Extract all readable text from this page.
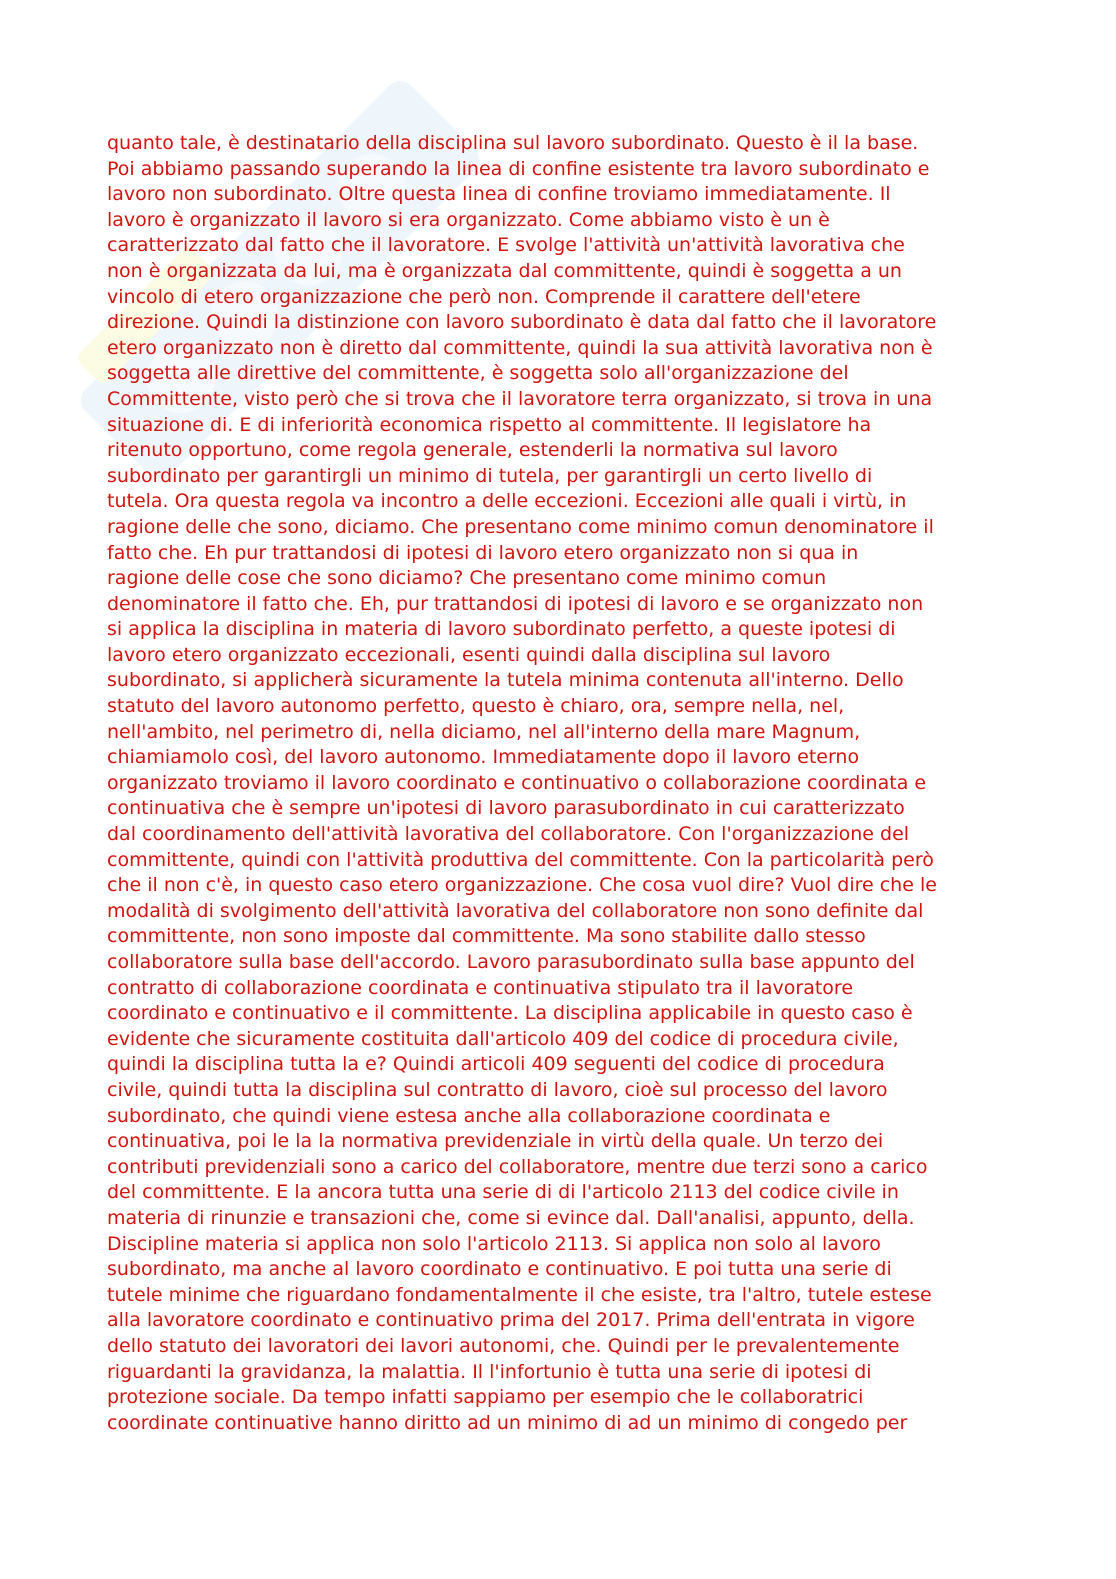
quanto tale, è destinatario della disciplina sul lavoro subordinato. Questo è il la base.
Poi abbiamo passando superando la linea di confine esistente tra lavoro subordinato e
lavoro non subordinato. Oltre questa linea di confine troviamo immediatamente. Il
lavoro è organizzato il lavoro si era organizzato. Come abbiamo visto è un è
caratterizzato dal fatto che il lavoratore. E svolge l'attività un'attività lavorativa che
non è organizzata da lui, ma è organizzata dal committente, quindi è soggetta a un
vincolo di etero organizzazione che però non. Comprende il carattere dell'etere
direzione. Quindi la distinzione con lavoro subordinato è data dal fatto che il lavoratore
etero organizzato non è diretto dal committente, quindi la sua attività lavorativa non è
soggetta alle direttive del committente, è soggetta solo all'organizzazione del
Committente, visto però che si trova che il lavoratore terra organizzato, si trova in una
situazione di. E di inferiorità economica rispetto al committente. Il legislatore ha
ritenuto opportuno, come regola generale, estenderli la normativa sul lavoro
subordinato per garantirgli un minimo di tutela, per garantirgli un certo livello di
tutela. Ora questa regola va incontro a delle eccezioni. Eccezioni alle quali i virtù, in
ragione delle che sono, diciamo. Che presentano come minimo comun denominatore il
fatto che. Eh pur trattandosi di ipotesi di lavoro etero organizzato non si qua in
ragione delle cose che sono diciamo? Che presentano come minimo comun
denominatore il fatto che. Eh, pur trattandosi di ipotesi di lavoro e se organizzato non
si applica la disciplina in materia di lavoro subordinato perfetto, a queste ipotesi di
lavoro etero organizzato eccezionali, esenti quindi dalla disciplina sul lavoro
subordinato, si applicherà sicuramente la tutela minima contenuta all'interno. Dello
statuto del lavoro autonomo perfetto, questo è chiaro, ora, sempre nella, nel,
nell'ambito, nel perimetro di, nella diciamo, nel all'interno della mare Magnum,
chiamiamolo così, del lavoro autonomo. Immediatamente dopo il lavoro eterno
organizzato troviamo il lavoro coordinato e continuativo o collaborazione coordinata e
continuativa che è sempre un'ipotesi di lavoro parasubordinato in cui caratterizzato
dal coordinamento dell'attività lavorativa del collaboratore. Con l'organizzazione del
committente, quindi con l'attività produttiva del committente. Con la particolarità però
che il non c'è, in questo caso etero organizzazione. Che cosa vuol dire? Vuol dire che le
modalità di svolgimento dell'attività lavorativa del collaboratore non sono definite dal
committente, non sono imposte dal committente. Ma sono stabilite dallo stesso
collaboratore sulla base dell'accordo. Lavoro parasubordinato sulla base appunto del
contratto di collaborazione coordinata e continuativa stipulato tra il lavoratore
coordinato e continuativo e il committente. La disciplina applicabile in questo caso è
evidente che sicuramente costituita dall'articolo 409 del codice di procedura civile,
quindi la disciplina tutta la e? Quindi articoli 409 seguenti del codice di procedura
civile, quindi tutta la disciplina sul contratto di lavoro, cioè sul processo del lavoro
subordinato, che quindi viene estesa anche alla collaborazione coordinata e
continuativa, poi le la la normativa previdenziale in virtù della quale. Un terzo dei
contributi previdenziali sono a carico del collaboratore, mentre due terzi sono a carico
del committente. E la ancora tutta una serie di di l'articolo 2113 del codice civile in
materia di rinunzie e transazioni che, come si evince dal. Dall'analisi, appunto, della.
Discipline materia si applica non solo l'articolo 2113. Si applica non solo al lavoro
subordinato, ma anche al lavoro coordinato e continuativo. E poi tutta una serie di
tutele minime che riguardano fondamentalmente il che esiste, tra l'altro, tutele estese
alla lavoratore coordinato e continuativo prima del 2017. Prima dell'entrata in vigore
dello statuto dei lavoratori dei lavori autonomi, che. Quindi per le prevalentemente
riguardanti la gravidanza, la malattia. Il l'infortunio è tutta una serie di ipotesi di
protezione sociale. Da tempo infatti sappiamo per esempio che le collaboratrici
coordinate continuative hanno diritto ad un minimo di ad un minimo di congedo per
